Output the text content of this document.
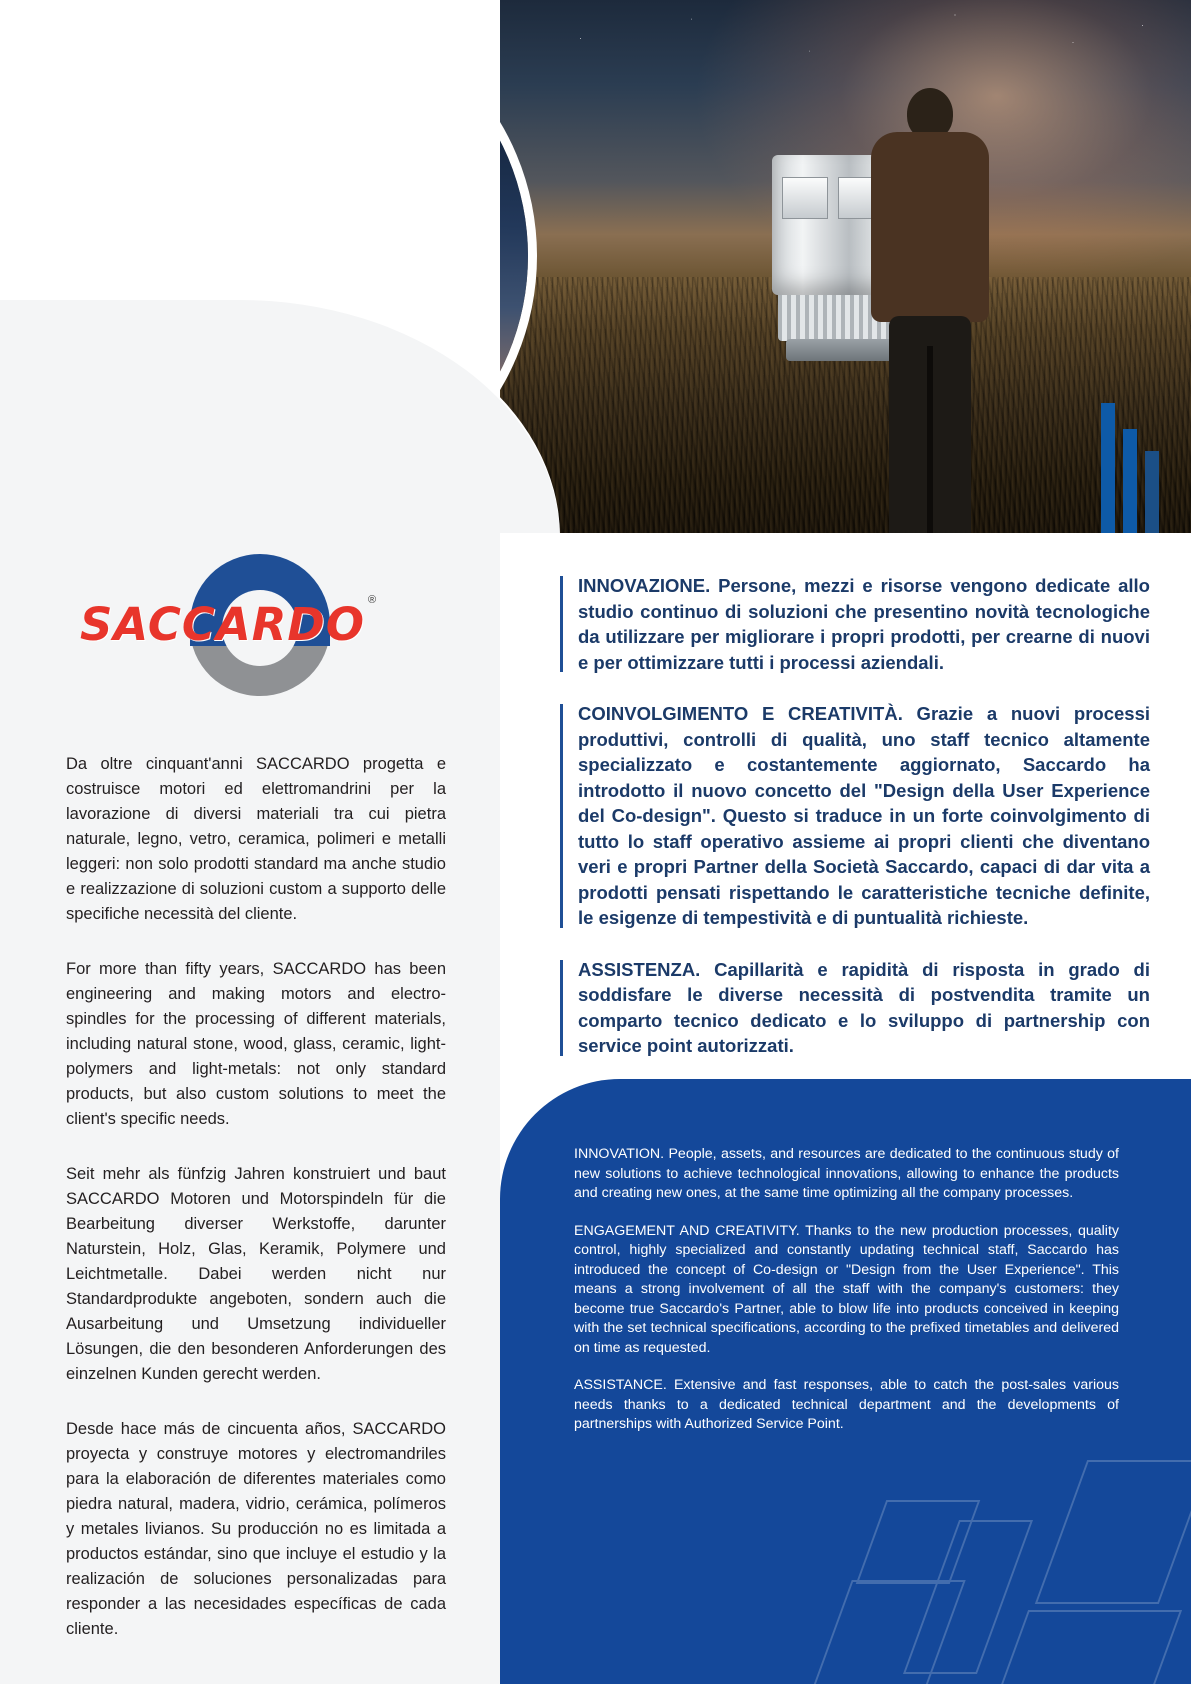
SACCARDO ®

Da oltre cinquant'anni SACCARDO progetta e costruisce motori ed elettromandrini per la lavorazione di diversi materiali tra cui pietra naturale, legno, vetro, ceramica, polimeri e metalli leggeri: non solo prodotti standard ma anche studio e realizzazione di soluzioni custom a supporto delle specifiche necessità del cliente.

For more than fifty years, SACCARDO has been engineering and making motors and electro-spindles for the processing of different materials, including natural stone, wood, glass, ceramic, light-polymers and light-metals: not only standard products, but also custom solutions to meet the client's specific needs.

Seit mehr als fünfzig Jahren konstruiert und baut SACCARDO Motoren und Motorspindeln für die Bearbeitung diverser Werkstoffe, darunter Naturstein, Holz, Glas, Keramik, Polymere und Leichtmetalle. Dabei werden nicht nur Standardprodukte angeboten, sondern auch die Ausarbeitung und Umsetzung individueller Lösungen, die den besonderen Anforderungen des einzelnen Kunden gerecht werden.

Desde hace más de cincuenta años, SACCARDO proyecta y construye motores y electromandriles para la elaboración de diferentes materiales como piedra natural, madera, vidrio, cerámica, polímeros y metales livianos. Su producción no es limitada a productos estándar, sino que incluye el estudio y la realización de soluciones personalizadas para responder a las necesidades específicas de cada cliente.

INNOVAZIONE. Persone, mezzi e risorse vengono dedicate allo studio continuo di soluzioni che presentino novità tecnologiche da utilizzare per migliorare i propri prodotti, per crearne di nuovi e per ottimizzare tutti i processi aziendali.
COINVOLGIMENTO E CREATIVITÀ. Grazie a nuovi processi produttivi, controlli di qualità, uno staff tecnico altamente specializzato e costantemente aggiornato, Saccardo ha introdotto il nuovo concetto del "Design della User Experience del Co-design". Questo si traduce in un forte coinvolgimento di tutto lo staff operativo assieme ai propri clienti che diventano veri e propri Partner della Società Saccardo, capaci di dar vita a prodotti pensati rispettando le caratteristiche tecniche definite, le esigenze di tempestività e di puntualità richieste.
ASSISTENZA. Capillarità e rapidità di risposta in grado di soddisfare le diverse necessità di postvendita tramite un comparto tecnico dedicato e lo sviluppo di partnership con service point autorizzati.

INNOVATION. People, assets, and resources are dedicated to the continuous study of new solutions to achieve technological innovations, allowing to enhance the products and creating new ones, at the same time optimizing all the company processes.

ENGAGEMENT AND CREATIVITY. Thanks to the new production processes, quality control, highly specialized and constantly updating technical staff, Saccardo has introduced the concept of Co-design or "Design from the User Experience". This means a strong involvement of all the staff with the company's customers: they become true Saccardo's Partner, able to blow life into products conceived in keeping with the set technical specifications, according to the prefixed timetables and delivered on time as requested.

ASSISTANCE. Extensive and fast responses, able to catch the post-sales various needs thanks to a dedicated technical department and the developments of partnerships with Authorized Service Point.
